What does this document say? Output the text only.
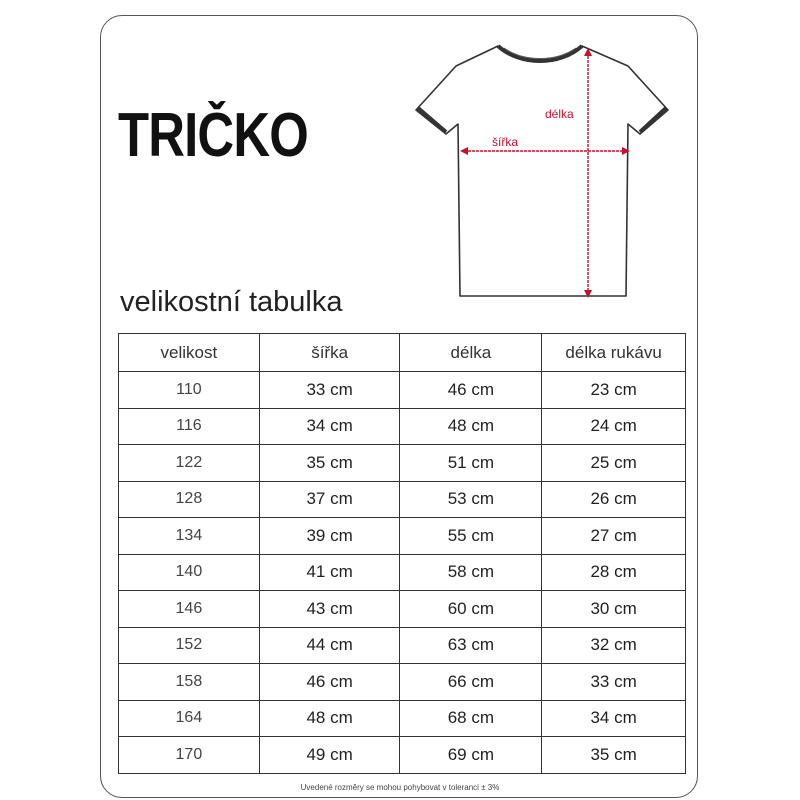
TRIČKO	délka
šířka
velikostní tabulka
velikost	šířka	délka	délka rukávu
110	33 cm	46 cm	23 cm
116	34 cm	48 cm	24 cm
122	35 cm	51 cm	25 cm
128	37 cm	53 cm	26 cm
134	39 cm	55 cm	27 cm
140	41 cm	58 cm	28 cm
146	43 cm	60 cm	30 cm
152	44 cm	63 cm	32 cm
158	46 cm	66 cm	33 cm
164	48 cm	68 cm	34 cm
170	49 cm	69 cm	35 cm
Uvedené rozměry se mohou pohybovat v toleranci ± 3%
